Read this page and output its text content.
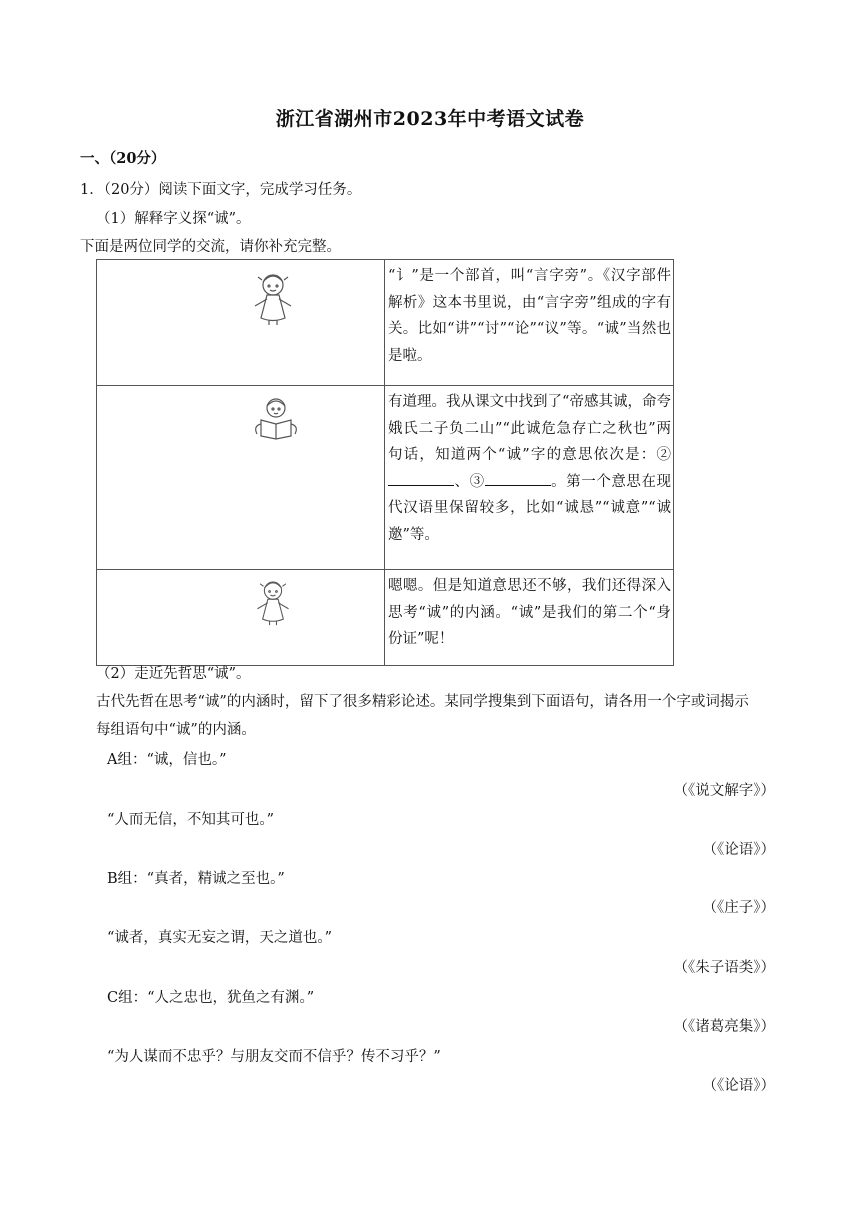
浙江省湖州市2023年中考语文试卷
一、（20分）
1．（20分）阅读下面文字，完成学习任务。
（1）解释字义探“诚”。
下面是两位同学的交流，请你补充完整。
	“讠”是一个部首，叫“言字旁”。《汉字部件解析》这本书里说，由“言字旁”组成的字有关。比如“讲”“讨”“论”“议”等。“诚”当然也是啦。

	有道理。我从课文中找到了“帝感其诚，命夸娥氏二子负二山”“此诚危急存亡之秋也”两句话，知道两个“诚”字的意思依次是：②、③ 。第一个意思在现代汉语里保留较多，比如“诚恳”“诚意”“诚邀”等。

	嗯嗯。但是知道意思还不够，我们还得深入思考“诚”的内涵。“诚”是我们的第二个“身份证”呢！
（2）走近先哲思“诚”。
古代先哲在思考“诚”的内涵时，留下了很多精彩论述。某同学搜集到下面语句，请各用一个字或词揭示
每组语句中“诚”的内涵。
A组：“诚，信也。”
（《说文解字》）
“人而无信，不知其可也。”
（《论语》）
B组：“真者，精诚之至也。”
（《庄子》）
“诚者，真实无妄之谓，天之道也。”
（《朱子语类》）
C组：“人之忠也，犹鱼之有渊。”
（《诸葛亮集》）
“为人谋而不忠乎？与朋友交而不信乎？传不习乎？”
（《论语》）
